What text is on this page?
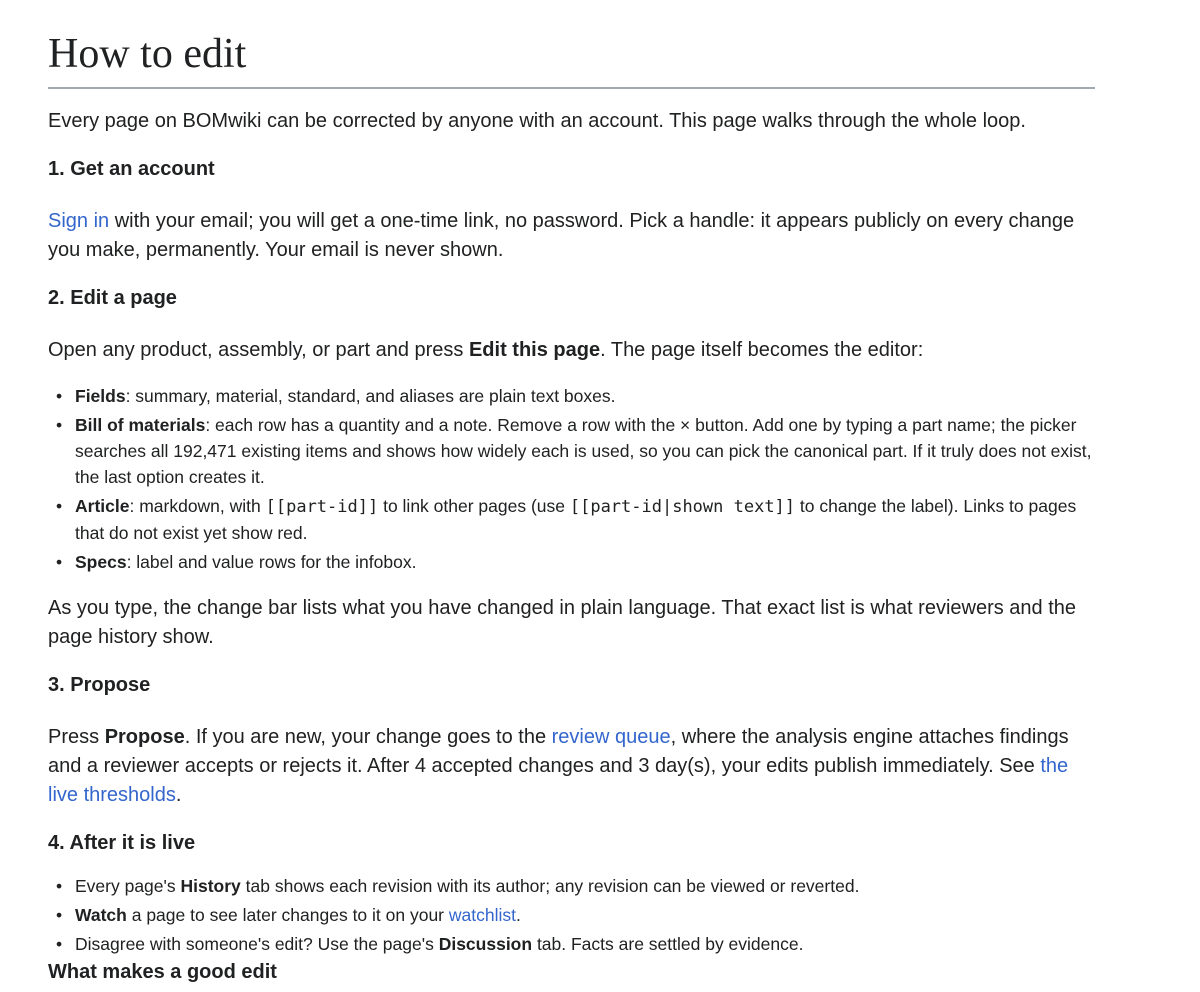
How to edit

Every page on BOMwiki can be corrected by anyone with an account. This page walks through the whole loop.

1. Get an account

Sign in with your email; you will get a one-time link, no password. Pick a handle: it appears publicly on every change you make, permanently. Your email is never shown.

2. Edit a page

Open any product, assembly, or part and press Edit this page. The page itself becomes the editor:

• Fields: summary, material, standard, and aliases are plain text boxes.
• Bill of materials: each row has a quantity and a note. Remove a row with the × button. Add one by typing a part name; the picker searches all 192,471 existing items and shows how widely each is used, so you can pick the canonical part. If it truly does not exist, the last option creates it.
• Article: markdown, with [[part-id]] to link other pages (use [[part-id|shown text]] to change the label). Links to pages that do not exist yet show red.
• Specs: label and value rows for the infobox.

As you type, the change bar lists what you have changed in plain language. That exact list is what reviewers and the page history show.

3. Propose

Press Propose. If you are new, your change goes to the review queue, where the analysis engine attaches findings and a reviewer accepts or rejects it. After 4 accepted changes and 3 day(s), your edits publish immediately. See the live thresholds.

4. After it is live
• Every page's History tab shows each revision with its author; any revision can be viewed or reverted.
• Watch a page to see later changes to it on your watchlist.
• Disagree with someone's edit? Use the page's Discussion tab. Facts are settled by evidence.
What makes a good edit
